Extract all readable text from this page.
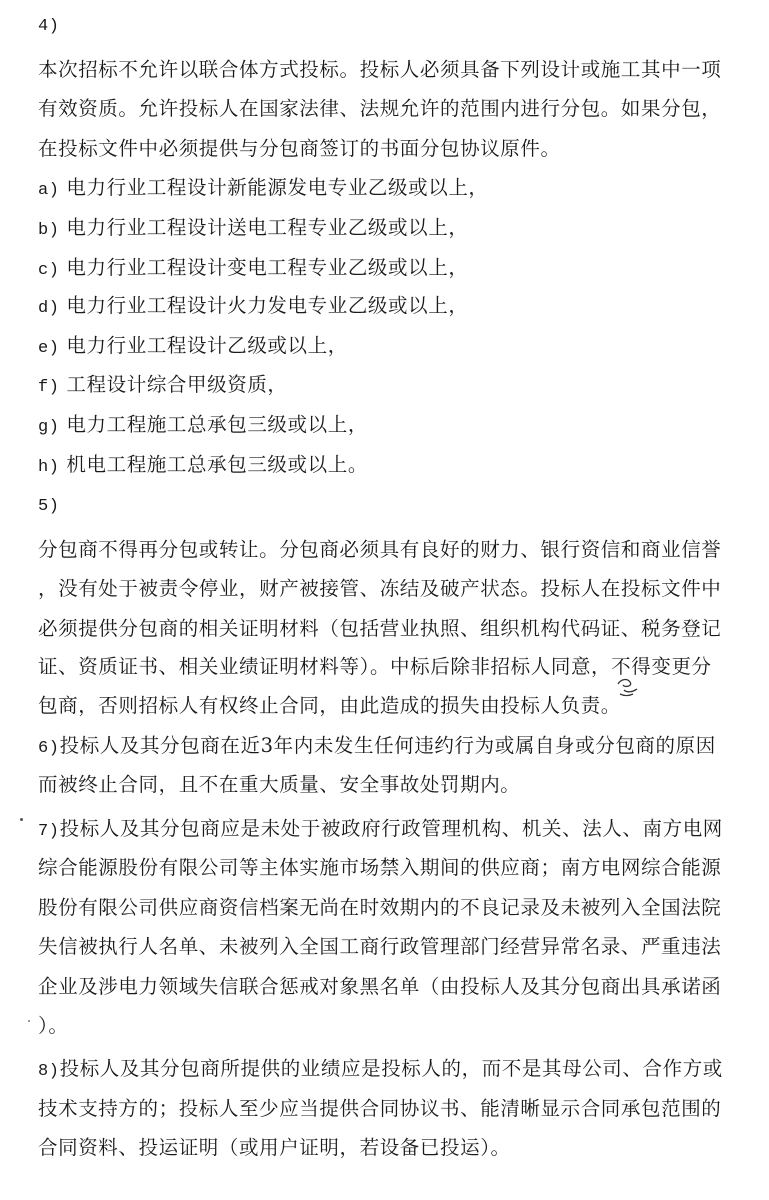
4)
本次招标不允许以联合体方式投标。投标人必须具备下列设计或施工其中一项
有效资质。允许投标人在国家法律、法规允许的范围内进行分包。如果分包，
在投标文件中必须提供与分包商签订的书面分包协议原件。
a) 电力行业工程设计新能源发电专业乙级或以上，
b) 电力行业工程设计送电工程专业乙级或以上，
c) 电力行业工程设计变电工程专业乙级或以上，
d) 电力行业工程设计火力发电专业乙级或以上，
e) 电力行业工程设计乙级或以上，
f) 工程设计综合甲级资质，
g) 电力工程施工总承包三级或以上，
h) 机电工程施工总承包三级或以上。
5)
分包商不得再分包或转让。分包商必须具有良好的财力、银行资信和商业信誉
，没有处于被责令停业，财产被接管、冻结及破产状态。投标人在投标文件中
必须提供分包商的相关证明材料（包括营业执照、组织机构代码证、税务登记
证、资质证书、相关业绩证明材料等）。中标后除非招标人同意，不得变更分
包商，否则招标人有权终止合同，由此造成的损失由投标人负责。
6)投标人及其分包商在近3年内未发生任何违约行为或属自身或分包商的原因
而被终止合同，且不在重大质量、安全事故处罚期内。
7)投标人及其分包商应是未处于被政府行政管理机构、机关、法人、南方电网
综合能源股份有限公司等主体实施市场禁入期间的供应商；南方电网综合能源
股份有限公司供应商资信档案无尚在时效期内的不良记录及未被列入全国法院
失信被执行人名单、未被列入全国工商行政管理部门经营异常名录、严重违法
企业及涉电力领域失信联合惩戒对象黑名单（由投标人及其分包商出具承诺函
）。
8)投标人及其分包商所提供的业绩应是投标人的，而不是其母公司、合作方或
技术支持方的；投标人至少应当提供合同协议书、能清晰显示合同承包范围的
合同资料、投运证明（或用户证明，若设备已投运）。
